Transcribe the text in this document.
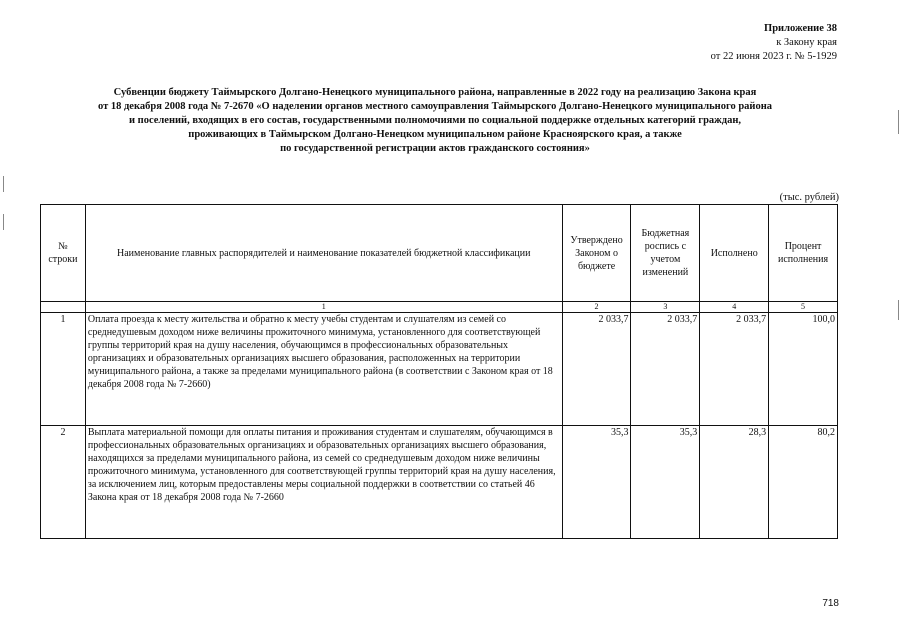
Приложение 38
к Закону края
от 22 июня 2023 г. № 5-1929
Субвенции бюджету Таймырского Долгано-Ненецкого муниципального района, направленные в 2022 году на реализацию Закона края
от 18 декабря 2008 года № 7-2670 «О наделении органов местного самоуправления Таймырского Долгано-Ненецкого муниципального района
и поселений, входящих в его состав, государственными полномочиями по социальной поддержке отдельных категорий граждан,
проживающих в Таймырском Долгано-Ненецком муниципальном районе Красноярского края, а также
по государственной регистрации актов гражданского состояния»
(тыс. рублей)
№ строки	Наименование главных распорядителей и наименование показателей бюджетной классификации	Утверждено Законом о бюджете	Бюджетная роспись с учетом изменений	Исполнено	Процент исполнения
	1	2	3	4	5
1	Оплата проезда к месту жительства и обратно к месту учебы студентам и слушателям из семей со среднедушевым доходом ниже величины прожиточного минимума, установленного для соответствующей группы территорий края на душу населения, обучающимся в профессиональных образовательных организациях и образовательных организациях высшего образования, расположенных на территории муниципального района, а также за пределами муниципального района (в соответствии с Законом края от 18 декабря 2008 года № 7-2660)	2 033,7	2 033,7	2 033,7	100,0
2	Выплата материальной помощи для оплаты питания и проживания студентам и слушателям, обучающимся в профессиональных образовательных организациях и образовательных организациях высшего образования, находящихся за пределами муниципального района, из семей со среднедушевым доходом ниже величины прожиточного минимума, установленного для соответствующей группы территорий края на душу населения, за исключением лиц, которым предоставлены меры социальной поддержки в соответствии со статьей 46 Закона края от 18 декабря 2008 года № 7-2660	35,3	35,3	28,3	80,2
718
